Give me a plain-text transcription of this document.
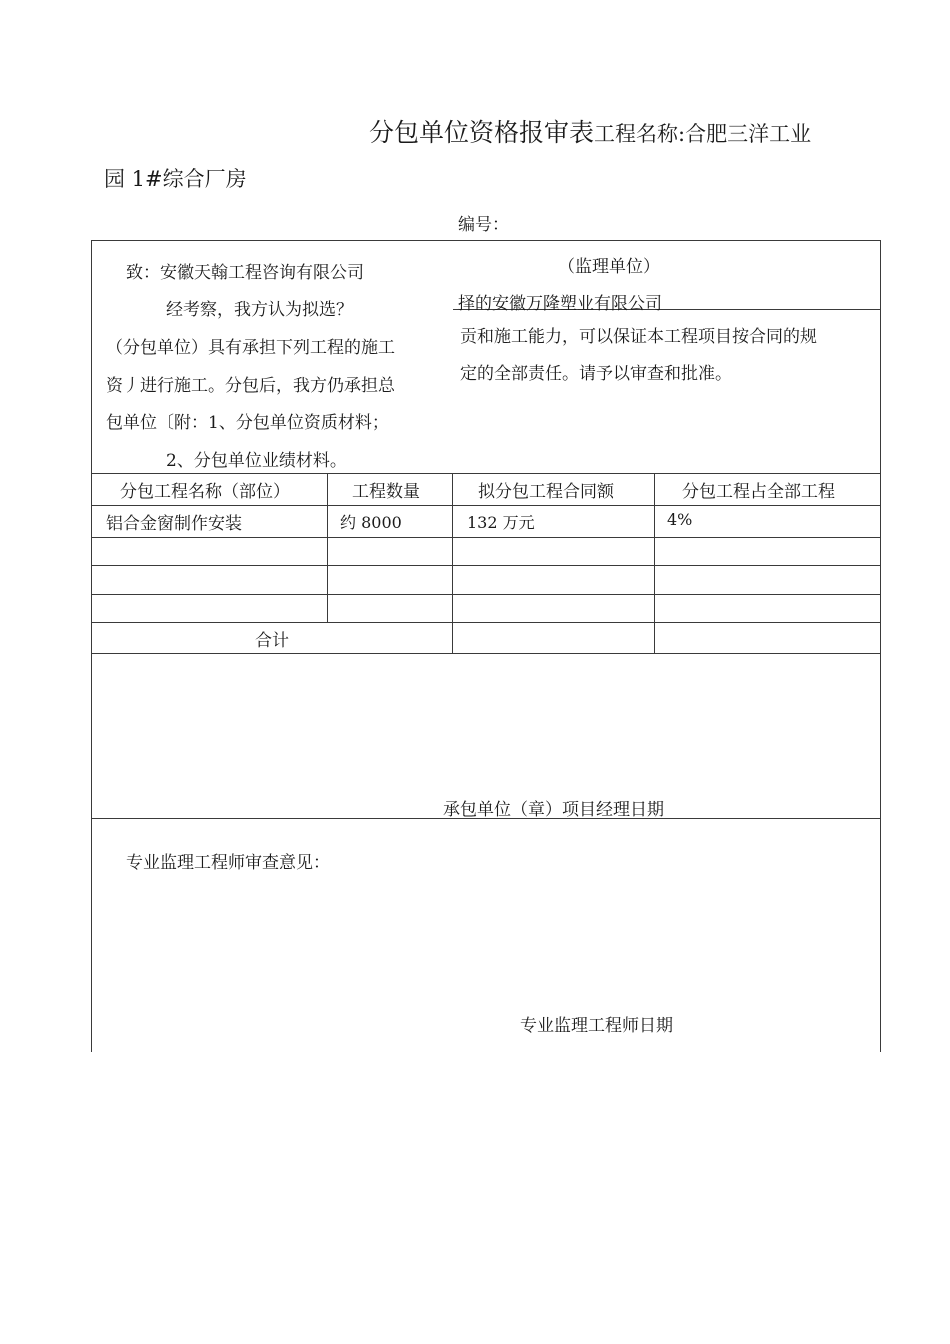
分包单位资格报审表工程名称:合肥三洋工业
园 1#综合厂房
编号：
致：安徽天翰工程咨询有限公司	（监理单位）
经考察，我方认为拟选？	择的安徽万隆塑业有限公司
（分包单位）具有承担下列工程的施工
贡和施工能力，可以保证本工程项目按合同的规
资丿进行施工。分包后，我方仍承担总
定的全部责任。请予以审查和批准。
包单位〔附：1、分包单位资质材料；
2、分包单位业绩材料。
分包工程名称（部位）	工程数量	拟分包工程合同额	分包工程占全部工程
铝合金窗制作安装	约 8000	132 万元	4%
合计
承包单位（章）项目经理日期
专业监理工程师审查意见：
专业监理工程师日期
